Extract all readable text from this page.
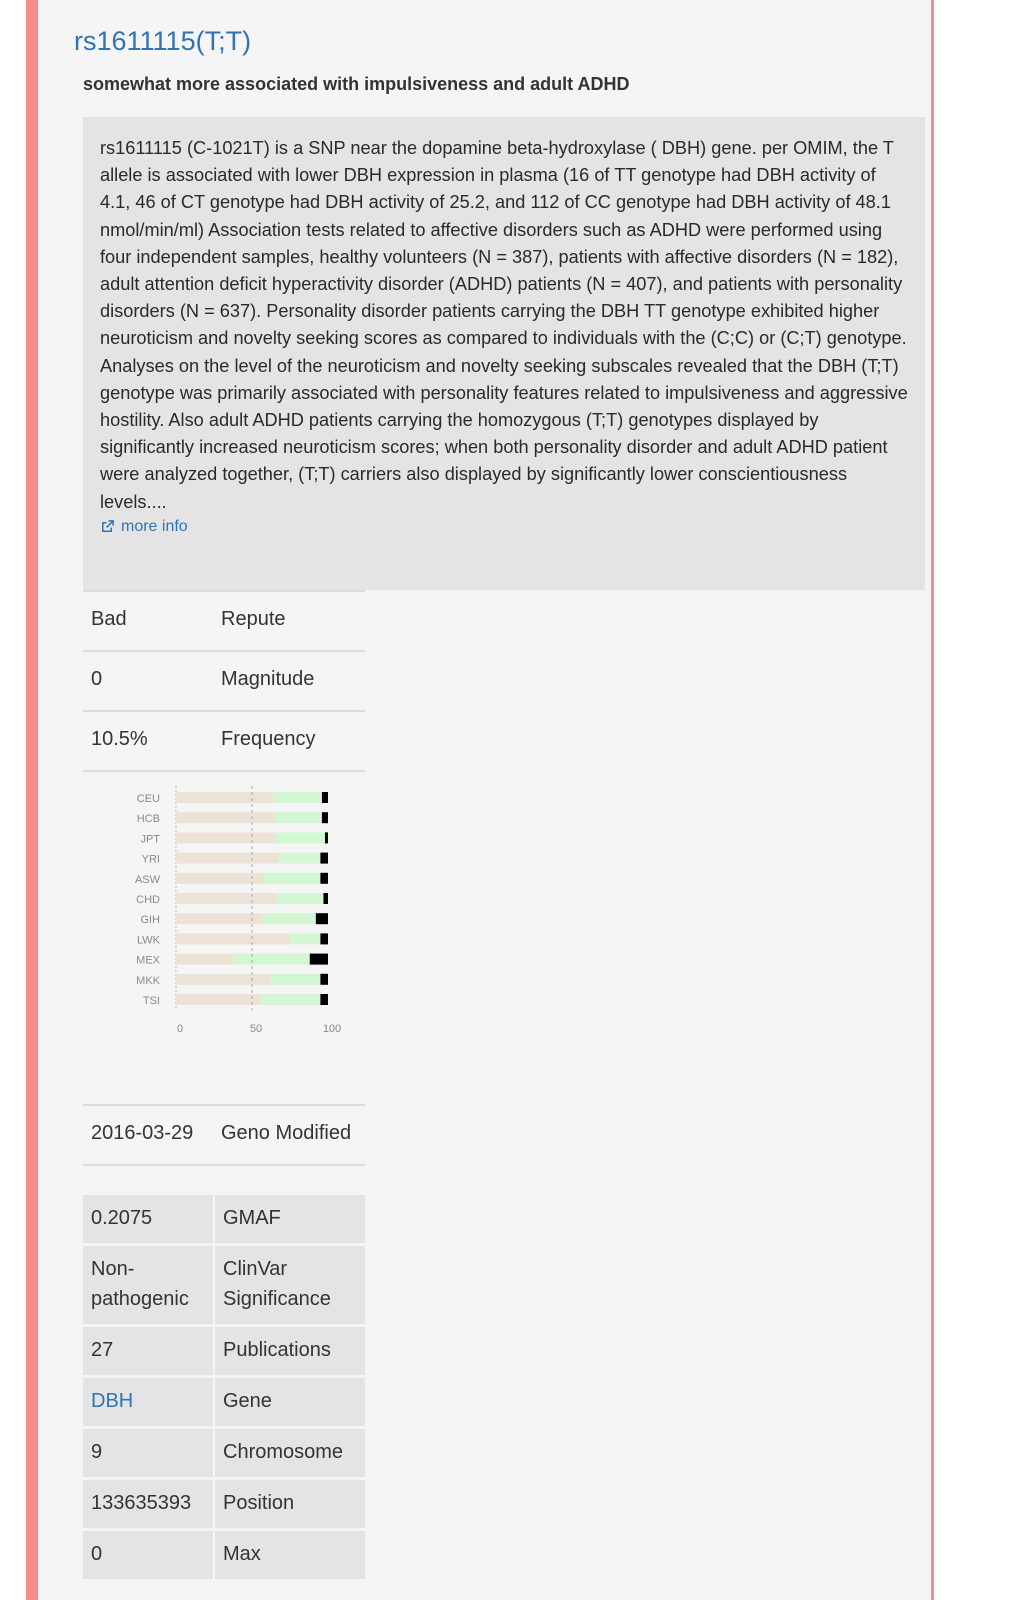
rs1611115(T;T)
somewhat more associated with impulsiveness and adult ADHD
rs1611115 (C-1021T) is a SNP near the dopamine beta-hydroxylase ( DBH) gene. per OMIM, the T allele is associated with lower DBH expression in plasma (16 of TT genotype had DBH activity of 4.1, 46 of CT genotype had DBH activity of 25.2, and 112 of CC genotype had DBH activity of 48.1 nmol/min/ml) Association tests related to affective disorders such as ADHD were performed using four independent samples, healthy volunteers (N = 387), patients with affective disorders (N = 182), adult attention deficit hyperactivity disorder (ADHD) patients (N = 407), and patients with personality disorders (N = 637). Personality disorder patients carrying the DBH TT genotype exhibited higher neuroticism and novelty seeking scores as compared to individuals with the (C;C) or (C;T) genotype. Analyses on the level of the neuroticism and novelty seeking subscales revealed that the DBH (T;T) genotype was primarily associated with personality features related to impulsiveness and aggressive hostility. Also adult ADHD patients carrying the homozygous (T;T) genotypes displayed by significantly increased neuroticism scores; when both personality disorder and adult ADHD patient were analyzed together, (T;T) carriers also displayed by significantly lower conscientiousness levels....
more info
Bad	Repute
0	Magnitude
10.5%	Frequency
CEU
HCB
JPT
YRI
ASW
CHD
GIH
LWK
MEX
MKK
TSI
0	50	100
2016-03-29	Geno Modified
0.2075	GMAF
Non-pathogenic	ClinVar Significance
27	Publications
DBH	Gene
9	Chromosome
133635393	Position
0	Max
